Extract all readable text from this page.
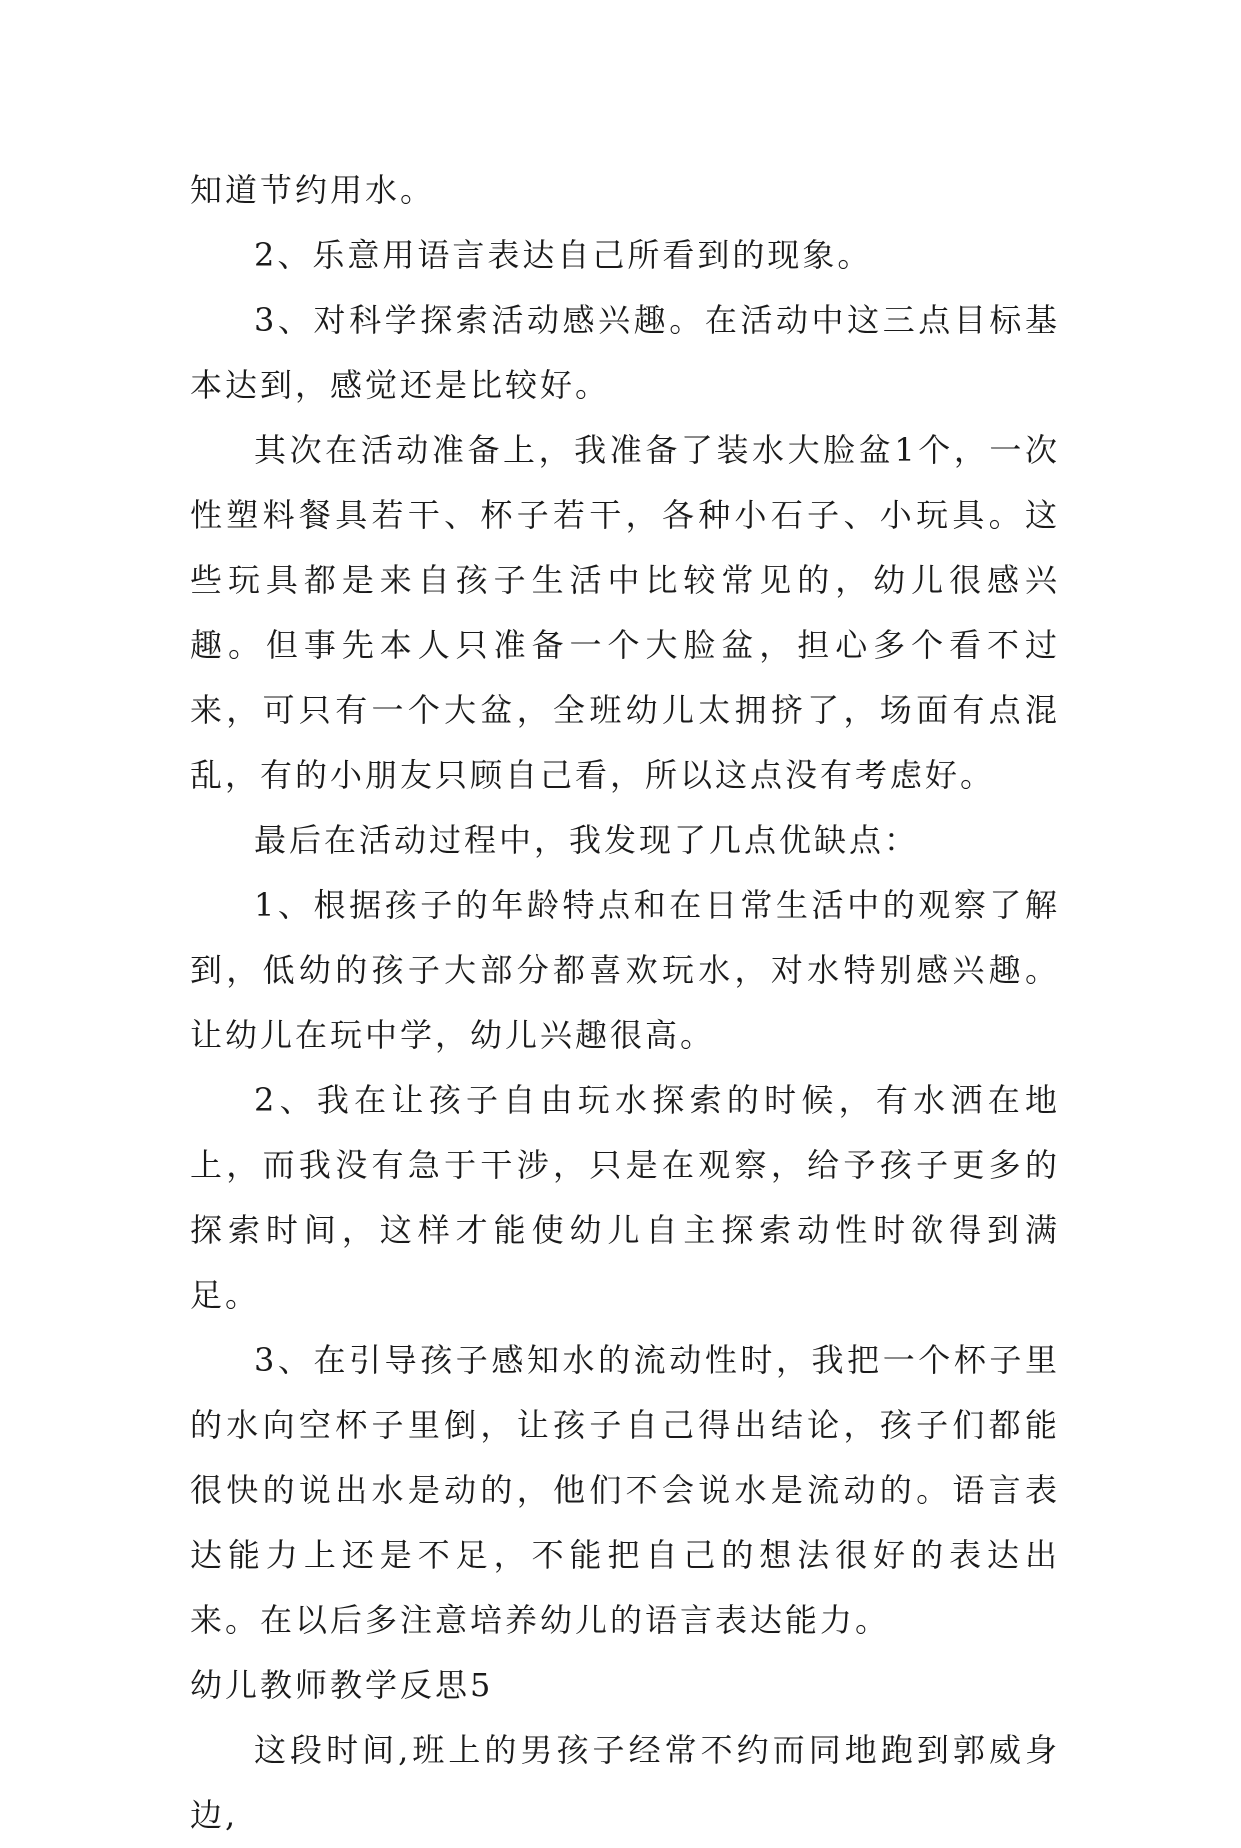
知道节约用水。

2、乐意用语言表达自己所看到的现象。

3、对科学探索活动感兴趣。在活动中这三点目标基本达到，感觉还是比较好。

其次在活动准备上，我准备了装水大脸盆1个，一次性塑料餐具若干、杯子若干，各种小石子、小玩具。这些玩具都是来自孩子生活中比较常见的，幼儿很感兴趣。但事先本人只准备一个大脸盆，担心多个看不过来，可只有一个大盆，全班幼儿太拥挤了，场面有点混乱，有的小朋友只顾自己看，所以这点没有考虑好。

最后在活动过程中，我发现了几点优缺点：

1、根据孩子的年龄特点和在日常生活中的观察了解到，低幼的孩子大部分都喜欢玩水，对水特别感兴趣。让幼儿在玩中学，幼儿兴趣很高。

2、我在让孩子自由玩水探索的时候，有水洒在地上，而我没有急于干涉，只是在观察，给予孩子更多的探索时间，这样才能使幼儿自主探索动性时欲得到满足。

3、在引导孩子感知水的流动性时，我把一个杯子里的水向空杯子里倒，让孩子自己得出结论，孩子们都能很快的说出水是动的，他们不会说水是流动的。语言表达能力上还是不足，不能把自己的想法很好的表达出来。在以后多注意培养幼儿的语言表达能力。

幼儿教师教学反思5

这段时间,班上的男孩子经常不约而同地跑到郭威身边,
